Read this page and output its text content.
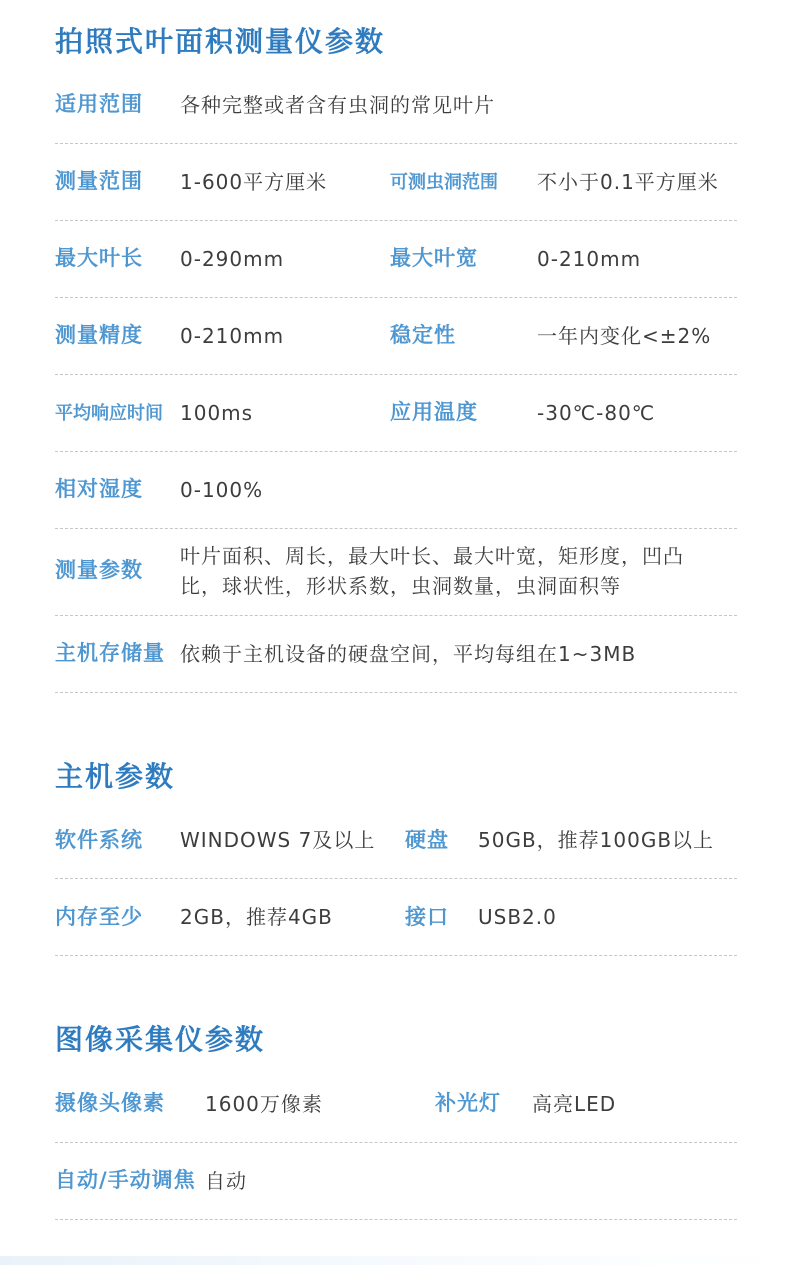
拍照式叶面积测量仪参数
适用范围	各种完整或者含有虫洞的常见叶片
测量范围	1-600平方厘米	可测虫洞范围	不小于0.1平方厘米
最大叶长	0-290mm	最大叶宽	0-210mm
测量精度	0-210mm	稳定性	一年内变化<±2%
平均响应时间 100ms	应用温度	-30℃-80℃
相对湿度	0-100%
测量参数
叶片面积、周长，最大叶长、最大叶宽，矩形度，凹凸比，球状性，形状系数，虫洞数量，虫洞面积等
主机存储量 依赖于主机设备的硬盘空间，平均每组在1~3MB
主机参数
软件系统	WINDOWS 7及以上 硬盘	50GB，推荐100GB以上
内存至少	2GB，推荐4GB	接口	USB2.0
图像采集仪参数
摄像头像素	1600万像素	补光灯	高亮LED
自动/手动调焦 自动
